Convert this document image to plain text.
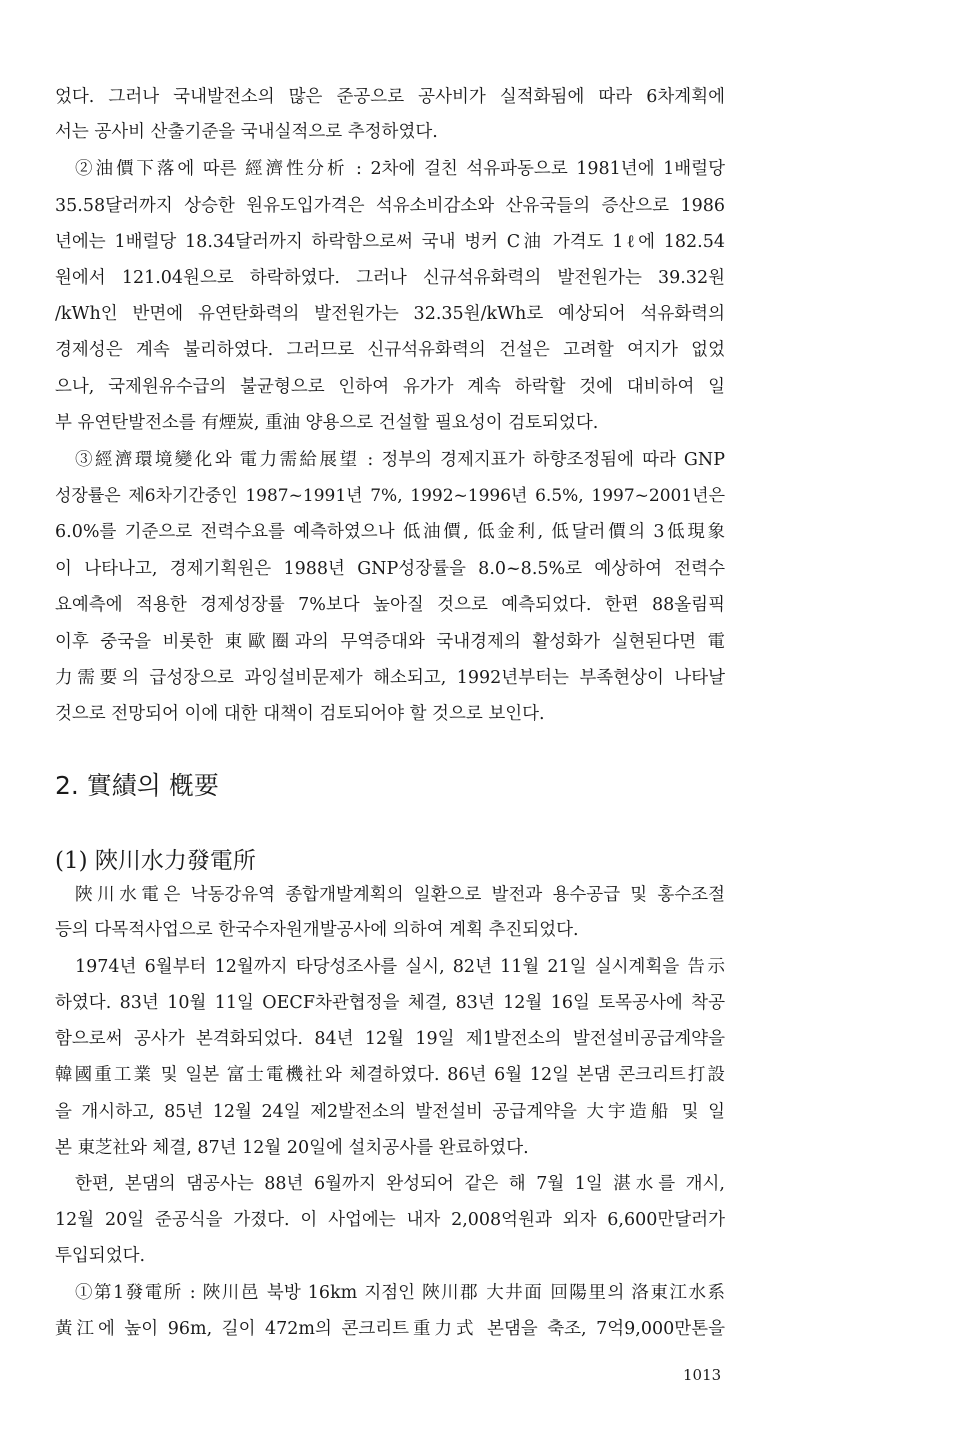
었다. 그러나 국내발전소의 많은 준공으로 공사비가 실적화됨에 따라 6차계획에
서는 공사비 산출기준을 국내실적으로 추정하였다.
②油價下落에 따른 經濟性分析 : 2차에 걸친 석유파동으로 1981년에 1배럴당
35.58달러까지 상승한 원유도입가격은 석유소비감소와 산유국들의 증산으로 1986
년에는 1배럴당 18.34달러까지 하락함으로써 국내 벙커 C油 가격도 1ℓ에 182.54
원에서 121.04원으로 하락하였다. 그러나 신규석유화력의 발전원가는 39.32원
/kWh인 반면에 유연탄화력의 발전원가는 32.35원/kWh로 예상되어 석유화력의
경제성은 계속 불리하였다. 그러므로 신규석유화력의 건설은 고려할 여지가 없었
으나, 국제원유수급의 불균형으로 인하여 유가가 계속 하락할 것에 대비하여 일
부 유연탄발전소를 有煙炭, 重油 양용으로 건설할 필요성이 검토되었다.
③經濟環境變化와 電力需給展望 : 정부의 경제지표가 하향조정됨에 따라 GNP
성장률은 제6차기간중인 1987~1991년 7%, 1992~1996년 6.5%, 1997~2001년은
6.0%를 기준으로 전력수요를 예측하였으나 低油價, 低金利, 低달러價의 3低現象
이 나타나고, 경제기획원은 1988년 GNP성장률을 8.0~8.5%로 예상하여 전력수
요예측에 적용한 경제성장률 7%보다 높아질 것으로 예측되었다. 한편 88올림픽
이후 중국을 비롯한 東歐圈과의 무역증대와 국내경제의 활성화가 실현된다면 電
力需要의 급성장으로 과잉설비문제가 해소되고, 1992년부터는 부족현상이 나타날
것으로 전망되어 이에 대한 대책이 검토되어야 할 것으로 보인다.
2. 實績의 槪要
(1) 陜川水力發電所
陜川水電은 낙동강유역 종합개발계획의 일환으로 발전과 용수공급 및 홍수조절
등의 다목적사업으로 한국수자원개발공사에 의하여 계획 추진되었다.
1974년 6월부터 12월까지 타당성조사를 실시, 82년 11월 21일 실시계획을 告示
하였다. 83년 10월 11일 OECF차관협정을 체결, 83년 12월 16일 토목공사에 착공
함으로써 공사가 본격화되었다. 84년 12월 19일 제1발전소의 발전설비공급계약을
韓國重工業 및 일본 富士電機社와 체결하였다. 86년 6월 12일 본댐 콘크리트打設
을 개시하고, 85년 12월 24일 제2발전소의 발전설비 공급계약을 大宇造船 및 일
본 東芝社와 체결, 87년 12월 20일에 설치공사를 완료하였다.
한편, 본댐의 댐공사는 88년 6월까지 완성되어 같은 해 7월 1일 湛水를 개시,
12월 20일 준공식을 가졌다. 이 사업에는 내자 2,008억원과 외자 6,600만달러가
투입되었다.
①第1發電所 : 陜川邑 북방 16km 지점인 陜川郡 大井面 回陽里의 洛東江水系
黃江에 높이 96m, 길이 472m의 콘크리트重力式 본댐을 축조, 7억9,000만톤을
1013
